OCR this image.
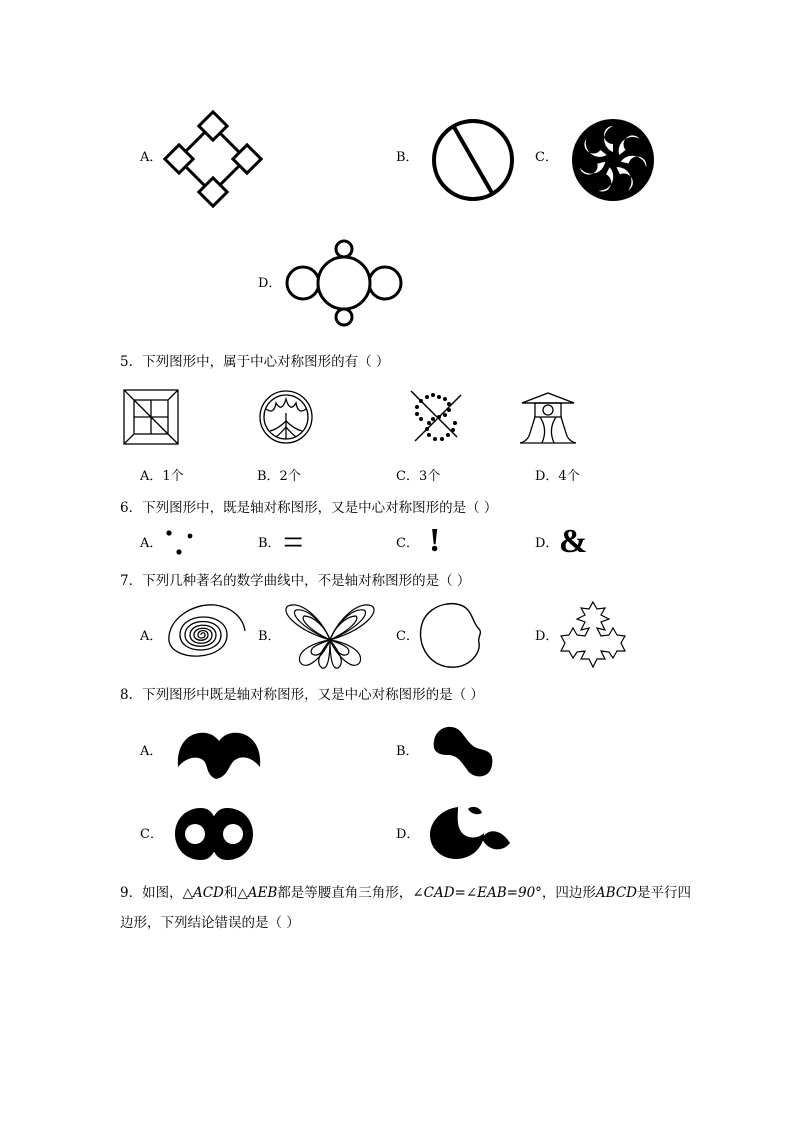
A．	B．	C．
D．
5．下列图形中，属于中心对称图形的有（ ）
A．1个	B．2个	C．3个	D．4个
6．下列图形中，既是轴对称图形，又是中心对称图形的是（ ）
A．	B． =	C． !	D． &
7．下列几种著名的数学曲线中，不是轴对称图形的是（ ）
A．	B．	C．	D．
8．下列图形中既是轴对称图形，又是中心对称图形的是（ ）
A．	B．
C．	D．
9．如图，△ACD和△AEB都是等腰直角三角形，∠CAD=∠EAB=90°，四边形ABCD是平行四
边形，下列结论错误的是（ ）
